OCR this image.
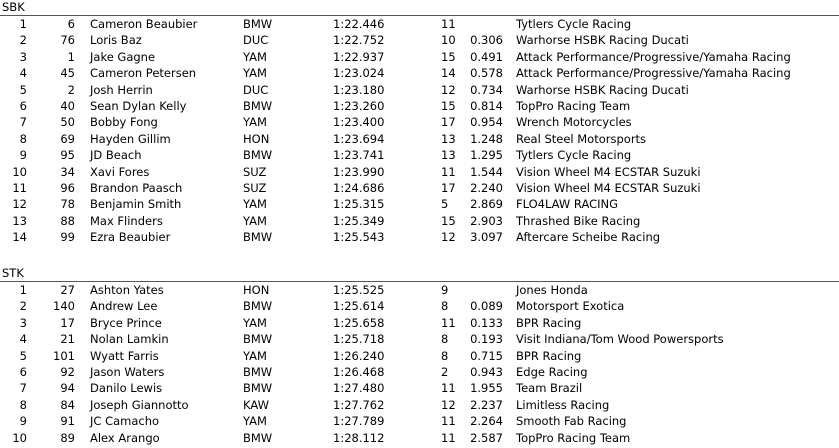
SBK
1	6 Cameron Beaubier	BMW	1:22.446	11	Tytlers Cycle Racing
2	76 Loris Baz	DUC	1:22.752	10 0.306 Warhorse HSBK Racing Ducati
3	1 Jake Gagne	YAM	1:22.937	15 0.491 Attack Performance/Progressive/Yamaha Racing
4	45 Cameron Petersen	YAM	1:23.024	14 0.578 Attack Performance/Progressive/Yamaha Racing
5	2 Josh Herrin	DUC	1:23.180	12 0.734 Warhorse HSBK Racing Ducati
6	40 Sean Dylan Kelly	BMW	1:23.260	15 0.814 TopPro Racing Team
7	50 Bobby Fong	YAM	1:23.400	17 0.954 Wrench Motorcycles
8	69 Hayden Gillim	HON	1:23.694	13 1.248 Real Steel Motorsports
9	95 JD Beach	BMW	1:23.741	13 1.295 Tytlers Cycle Racing
10	34 Xavi Fores	SUZ	1:23.990	11 1.544 Vision Wheel M4 ECSTAR Suzuki
11	96 Brandon Paasch	SUZ	1:24.686	17 2.240 Vision Wheel M4 ECSTAR Suzuki
12	78 Benjamin Smith	YAM	1:25.315	5 2.869 FLO4LAW RACING
13	88 Max Flinders	YAM	1:25.349	15 2.903 Thrashed Bike Racing
14	99 Ezra Beaubier	BMW	1:25.543	12 3.097 Aftercare Scheibe Racing
STK
1	27 Ashton Yates	HON	1:25.525	9	Jones Honda
2 140 Andrew Lee	BMW	1:25.614	8 0.089 Motorsport Exotica
3	17 Bryce Prince	YAM	1:25.658	11 0.133 BPR Racing
4	21 Nolan Lamkin	BMW	1:25.718	8 0.193 Visit Indiana/Tom Wood Powersports
5 101 Wyatt Farris	YAM	1:26.240	8 0.715 BPR Racing
6	92 Jason Waters	BMW	1:26.468	2 0.943 Edge Racing
7	94 Danilo Lewis	BMW	1:27.480	11 1.955 Team Brazil
8	84 Joseph Giannotto	KAW	1:27.762	12 2.237 Limitless Racing
9	91 JC Camacho	YAM	1:27.789	11 2.264 Smooth Fab Racing
10	89 Alex Arango	BMW	1:28.112	11 2.587 TopPro Racing Team
